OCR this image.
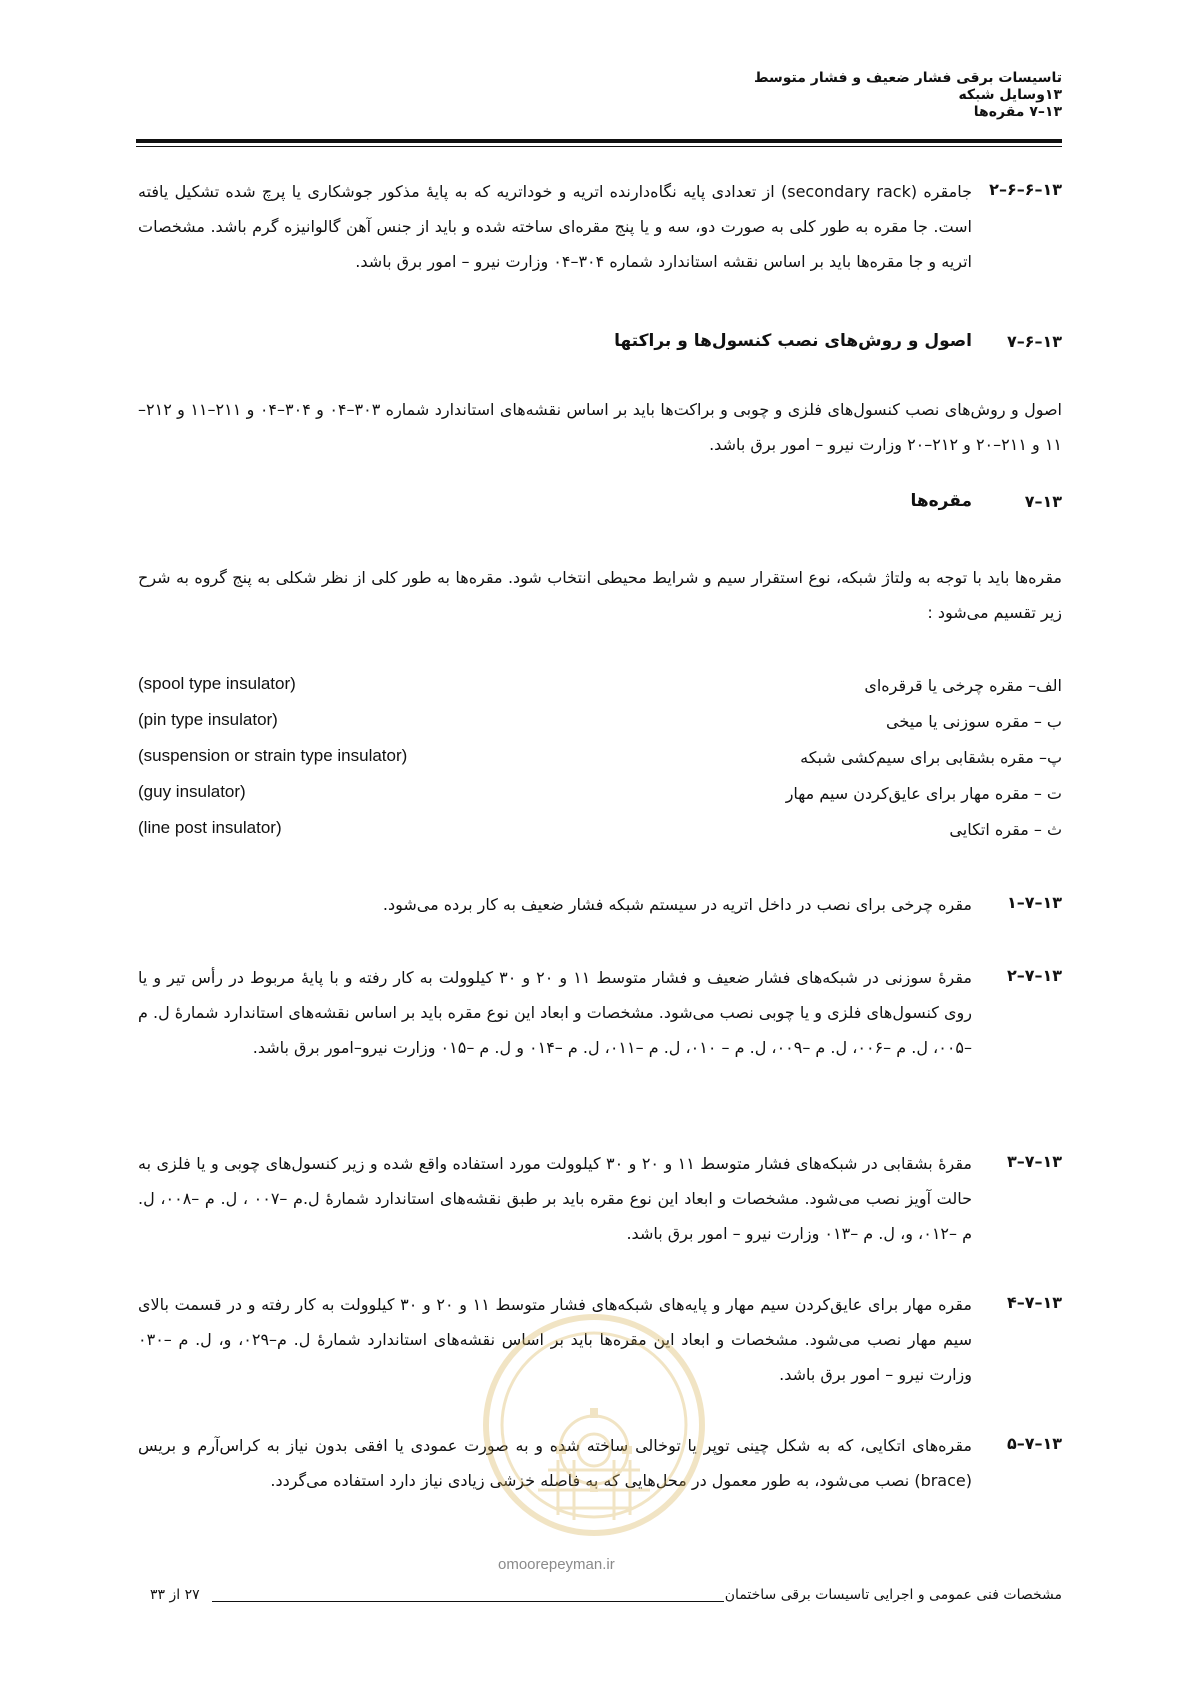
تاسیسات برقی فشار ضعیف و فشار متوسط
۱۳وسایل شبکه
۱۳–۷ مقره‌ها
۱۳–۶–۶–۲
جامقره (secondary rack) از تعدادی پایه نگاه‌دارنده اتریه و خوداتریه که به پایۀ مذکور جوشکاری یا پرچ شده تشکیل یافته است. جا مقره به طور کلی به صورت دو، سه و یا پنج مقره‌ای ساخته شده و باید از جنس آهن گالوانیزه گرم باشد. مشخصات اتریه و جا مقره‌ها باید بر اساس نقشه استاندارد شماره ۳۰۴–۰۴ وزارت نیرو – امور برق باشد.
۱۳–۶–۷
اصول و روش‌های نصب کنسول‌ها و براکتها
اصول و روش‌های نصب کنسول‌های فلزی و چوبی و براکت‌ها باید بر اساس نقشه‌های استاندارد شماره ۳۰۳–۰۴ و ۳۰۴–۰۴ و ۲۱۱–۱۱ و ۲۱۲–۱۱ و ۲۱۱–۲۰ و ۲۱۲–۲۰ وزارت نیرو – امور برق باشد.
۱۳–۷
مقره‌ها
مقره‌ها باید با توجه به ولتاژ شبکه، نوع استقرار سیم و شرایط محیطی انتخاب شود. مقره‌ها به طور کلی از نظر شکلی به پنج گروه به شرح زیر تقسیم می‌شود :
الف– مقره چرخی یا قرقره‌ای
ب – مقره سوزنی یا میخی
پ– مقره بشقابی برای سیم‌کشی شبکه
ت – مقره مهار برای عایق‌کردن سیم مهار
ث – مقره اتکایی
(spool type insulator)
(pin type insulator)
(suspension or strain type insulator)
(guy insulator)
(line post insulator)
۱۳–۷–۱
مقره چرخی برای نصب در داخل اتریه در سیستم شبکه فشار ضعیف به کار برده می‌شود.
۱۳–۷–۲
مقرۀ سوزنی در شبکه‌های فشار ضعیف و فشار متوسط ۱۱ و ۲۰ و ۳۰ کیلوولت به کار رفته و با پایۀ مربوط در رأس تیر و یا روی کنسول‌های فلزی و یا چوبی نصب می‌شود. مشخصات و ابعاد این نوع مقره باید بر اساس نقشه‌های استاندارد شمارۀ ل. م –۰۰۵، ل. م –۰۰۶، ل. م –۰۰۹، ل. م – ۰۱۰، ل. م –۰۱۱، ل. م –۰۱۴ و ل. م –۰۱۵ وزارت نیرو–امور برق باشد.
۱۳–۷–۳
مقرۀ بشقابی در شبکه‌های فشار متوسط ۱۱ و ۲۰ و ۳۰ کیلوولت مورد استفاده واقع شده و زیر کنسول‌های چوبی و یا فلزی به حالت آویز نصب می‌شود. مشخصات و ابعاد این نوع مقره باید بر طبق نقشه‌های استاندارد شمارۀ ل.م –۰۰۷ ، ل. م –۰۰۸، ل. م –۰۱۲، و، ل. م –۰۱۳ وزارت نیرو – امور برق باشد.
۱۳–۷–۴
مقره مهار برای عایق‌کردن سیم مهار و پایه‌های شبکه‌های فشار متوسط ۱۱ و ۲۰ و ۳۰ کیلوولت به کار رفته و در قسمت بالای سیم مهار نصب می‌شود. مشخصات و ابعاد این مقره‌ها باید بر اساس نقشه‌های استاندارد شمارۀ ل. م–۰۲۹، و، ل. م –۰۳۰ وزارت نیرو – امور برق باشد.
۱۳–۷–۵
مقره‌های اتکایی، که به شکل چینی توپر یا توخالی ساخته شده و به صورت عمودی یا افقی بدون نیاز به کراس‌آرم و بریس (brace) نصب می‌شود، به طور معمول در محل‌هایی که به فاصله خزشی زیادی نیاز دارد استفاده می‌گردد.
omoorepeyman.ir
مشخصات فنی عمومی و اجرایی تاسیسات برقی ساختمان
۲۷ از ۳۳
